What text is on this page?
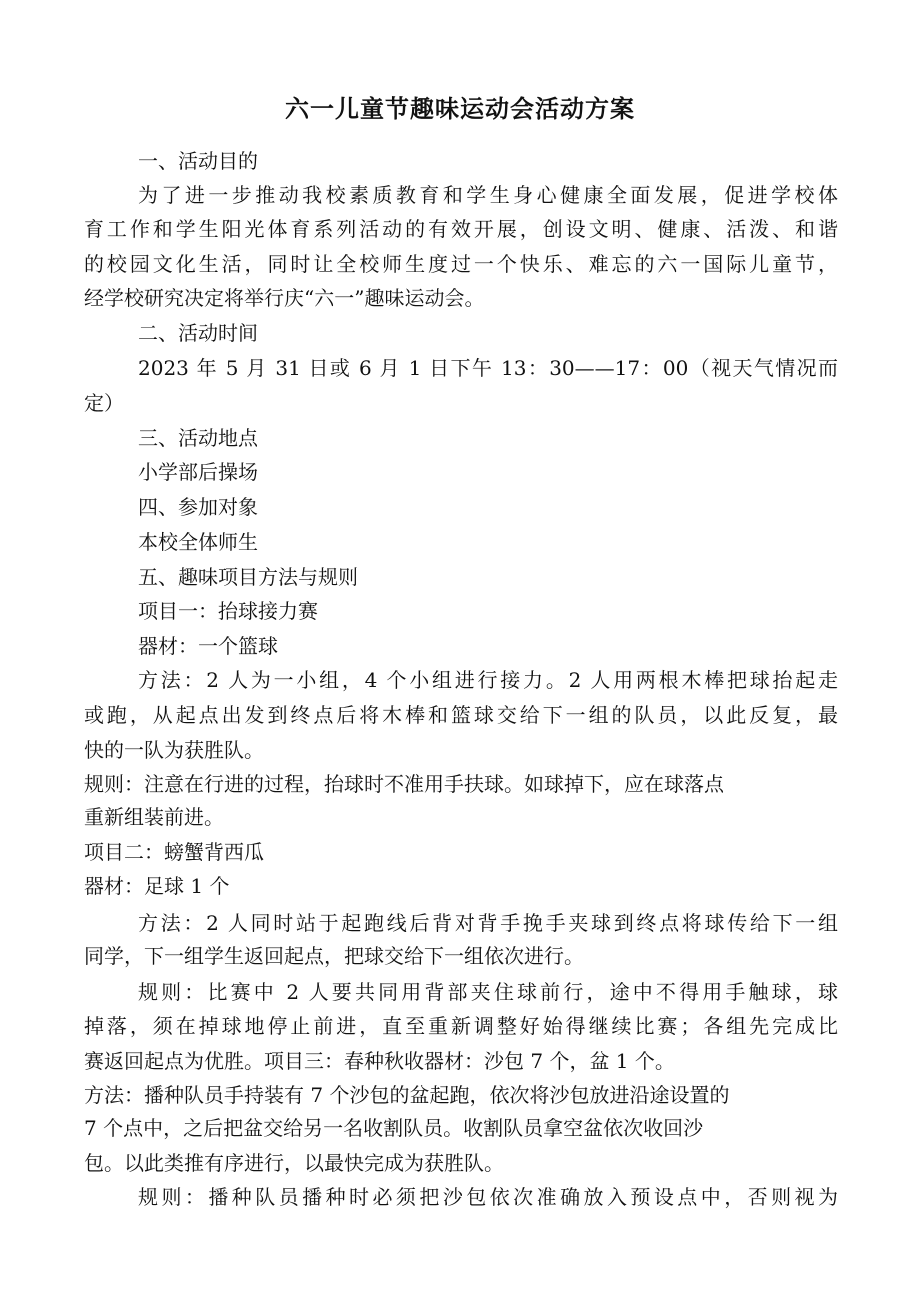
六一儿童节趣味运动会活动方案
一、活动目的
为了进一步推动我校素质教育和学生身心健康全面发展，促进学校体
育工作和学生阳光体育系列活动的有效开展，创设文明、健康、活泼、和谐
的校园文化生活，同时让全校师生度过一个快乐、难忘的六一国际儿童节，
经学校研究决定将举行庆“六一”趣味运动会。
二、活动时间
2023 年 5 月 31 日或 6 月 1 日下午 13：30——17：00（视天气情况而
定）
三、活动地点
小学部后操场
四、参加对象
本校全体师生
五、趣味项目方法与规则
项目一：抬球接力赛
器材：一个篮球
方法：2 人为一小组，4 个小组进行接力。2 人用两根木棒把球抬起走
或跑，从起点出发到终点后将木棒和篮球交给下一组的队员，以此反复，最
快的一队为获胜队。
规则：注意在行进的过程，抬球时不准用手扶球。如球掉下，应在球落点
重新组装前进。
项目二：螃蟹背西瓜
器材：足球 1 个
方法：2 人同时站于起跑线后背对背手挽手夹球到终点将球传给下一组
同学，下一组学生返回起点，把球交给下一组依次进行。
规则：比赛中 2 人要共同用背部夹住球前行，途中不得用手触球，球
掉落，须在掉球地停止前进，直至重新调整好始得继续比赛；各组先完成比
赛返回起点为优胜。项目三：春种秋收器材：沙包 7 个，盆 1 个。
方法：播种队员手持装有 7 个沙包的盆起跑，依次将沙包放进沿途设置的
7 个点中，之后把盆交给另一名收割队员。收割队员拿空盆依次收回沙
包。以此类推有序进行，以最快完成为获胜队。
规则：播种队员播种时必须把沙包依次准确放入预设点中，否则视为
